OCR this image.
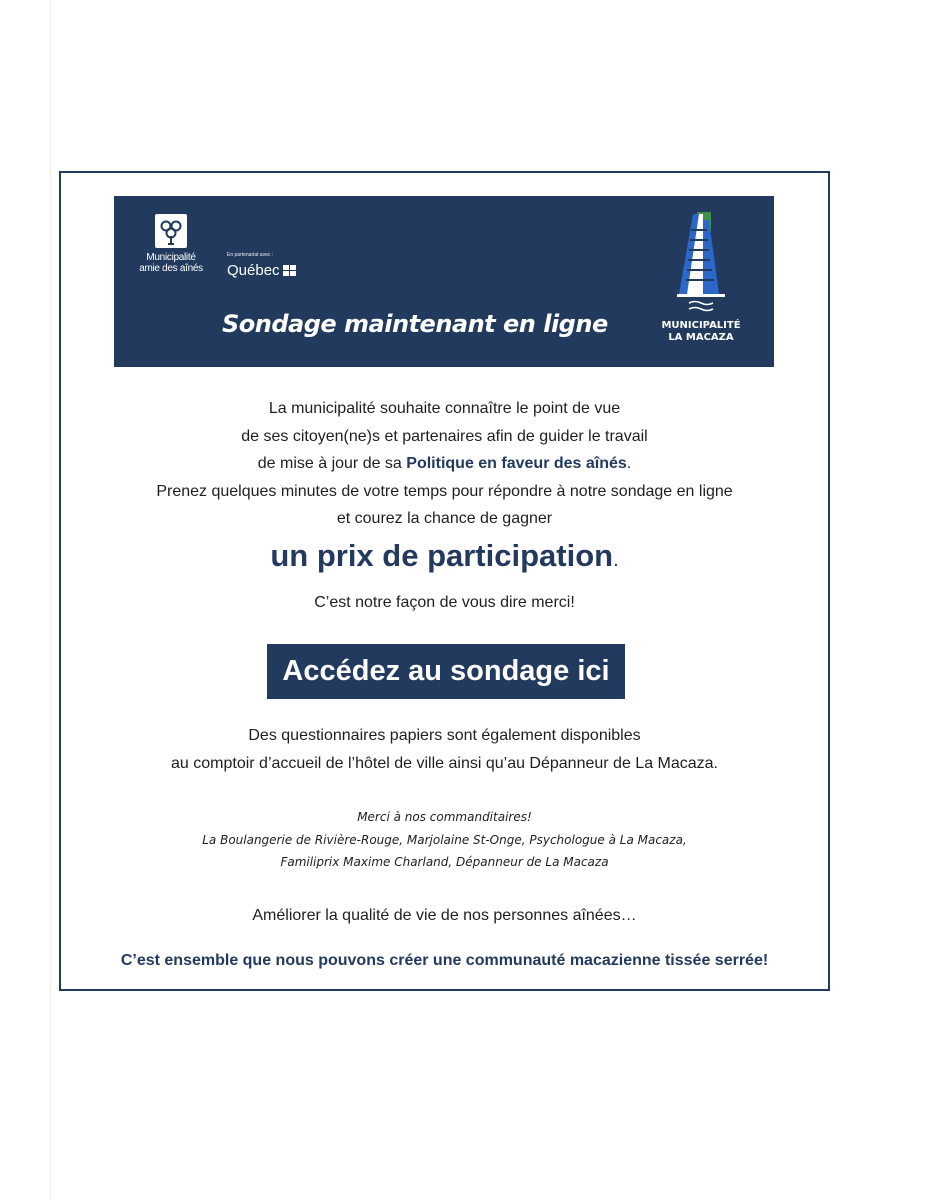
Municipalité
amie des aînés
En partenariat avec :
Québec
Sondage maintenant en ligne	MUNICIPALITÉ
LA MACAZA
La municipalité souhaite connaître le point de vue
de ses citoyen(ne)s et partenaires afin de guider le travail
de mise à jour de sa Politique en faveur des aînés.
Prenez quelques minutes de votre temps pour répondre à notre sondage en ligne
et courez la chance de gagner
un prix de participation.
C’est notre façon de vous dire merci!
Accédez au sondage ici
Des questionnaires papiers sont également disponibles
au comptoir d’accueil de l’hôtel de ville ainsi qu’au Dépanneur de La Macaza.
Merci à nos commanditaires!
La Boulangerie de Rivière-Rouge, Marjolaine St-Onge, Psychologue à La Macaza,
Familiprix Maxime Charland, Dépanneur de La Macaza
Améliorer la qualité de vie de nos personnes aînées…
C’est ensemble que nous pouvons créer une communauté macazienne tissée serrée!
